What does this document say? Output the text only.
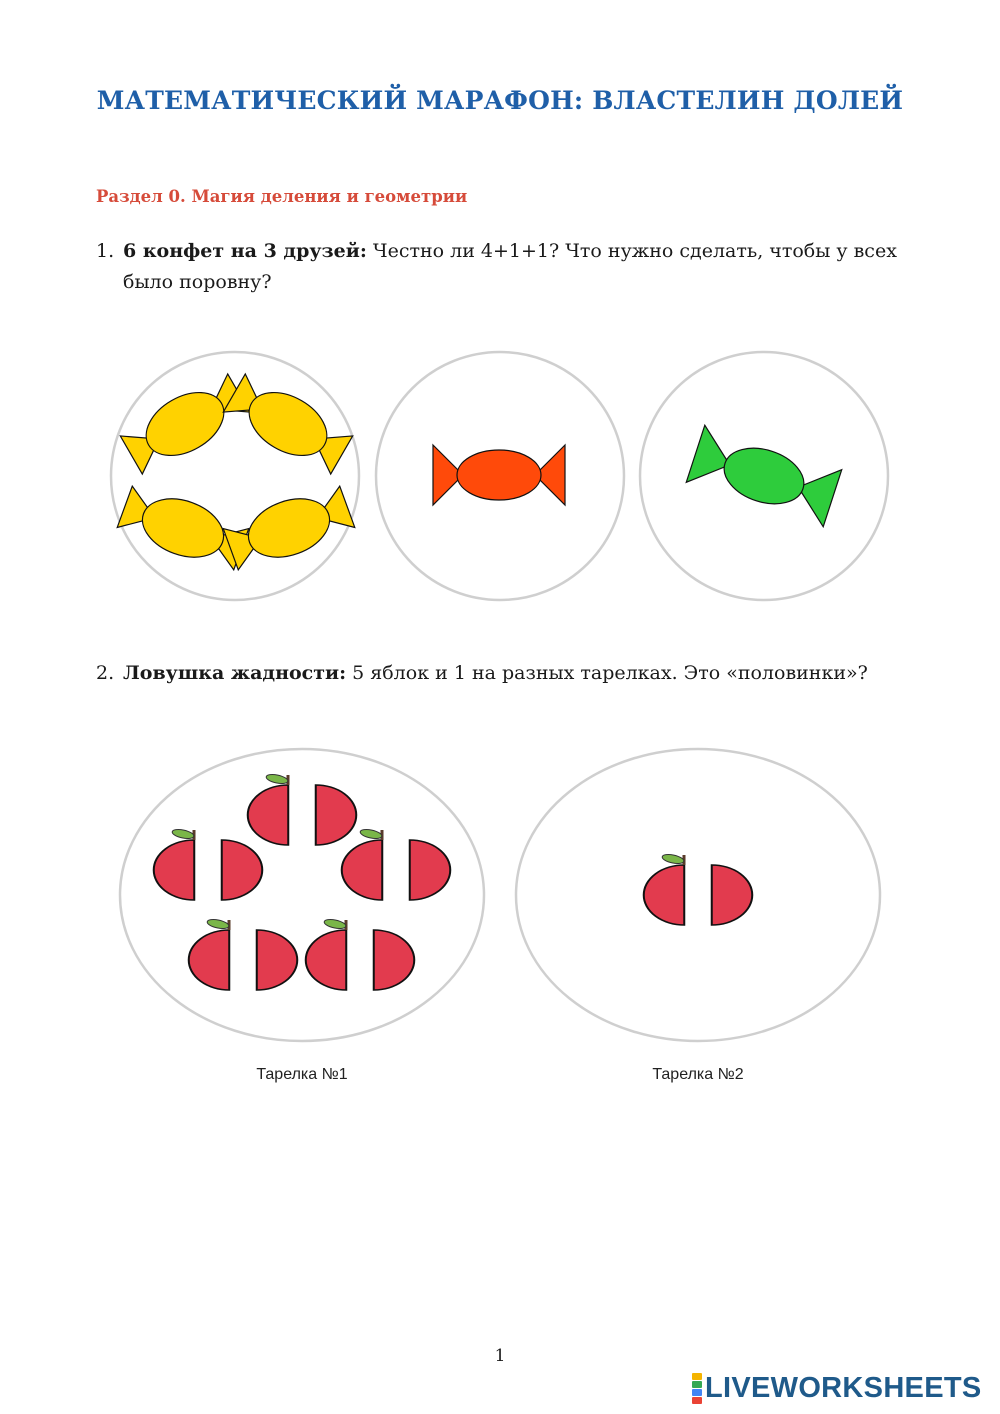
МАТЕМАТИЧЕСКИЙ МАРАФОН: ВЛАСТЕЛИН ДОЛЕЙ
Раздел 0. Магия деления и геометрии
1. 6 конфет на 3 друзей: Честно ли 4+1+1? Что нужно сделать, чтобы у всех было поровну?
2. Ловушка жадности: 5 яблок и 1 на разных тарелках. Это «половинки»?
Тарелка №1	Тарелка №2
1
LIVEWORKSHEETS
